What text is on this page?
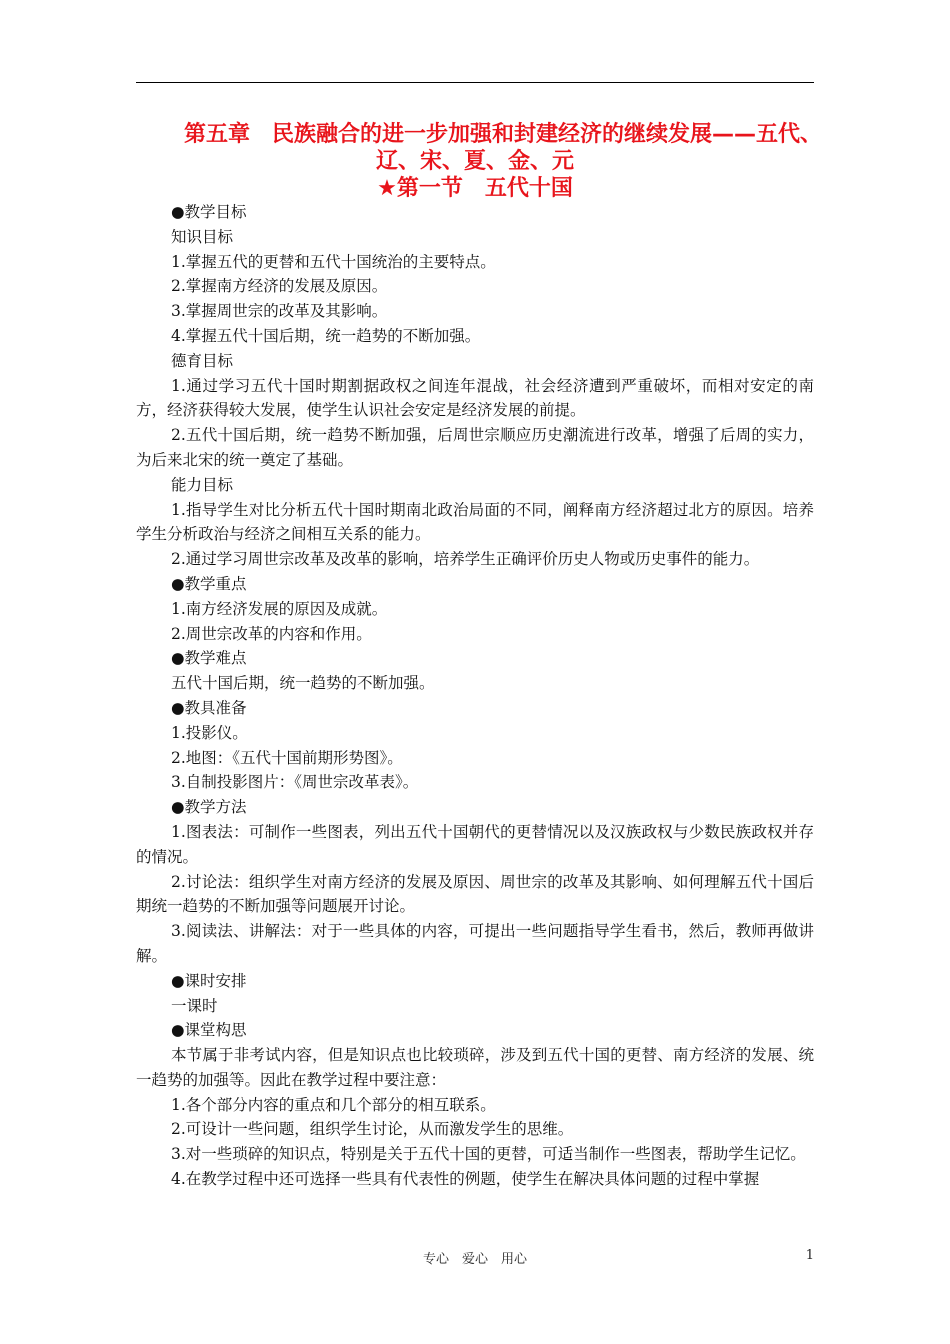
第五章　民族融合的进一步加强和封建经济的继续发展——五代、

辽、宋、夏、金、元

★第一节　五代十国

●教学目标

知识目标

1.掌握五代的更替和五代十国统治的主要特点。

2.掌握南方经济的发展及原因。

3.掌握周世宗的改革及其影响。

4.掌握五代十国后期，统一趋势的不断加强。

德育目标

1.通过学习五代十国时期割据政权之间连年混战，社会经济遭到严重破坏，而相对安定的南方，经济获得较大发展，使学生认识社会安定是经济发展的前提。

2.五代十国后期，统一趋势不断加强，后周世宗顺应历史潮流进行改革，增强了后周的实力，为后来北宋的统一奠定了基础。

能力目标

1.指导学生对比分析五代十国时期南北政治局面的不同，阐释南方经济超过北方的原因。培养学生分析政治与经济之间相互关系的能力。

2.通过学习周世宗改革及改革的影响，培养学生正确评价历史人物或历史事件的能力。

●教学重点

1.南方经济发展的原因及成就。

2.周世宗改革的内容和作用。

●教学难点

五代十国后期，统一趋势的不断加强。

●教具准备

1.投影仪。

2.地图：《五代十国前期形势图》。

3.自制投影图片：《周世宗改革表》。

●教学方法

1.图表法：可制作一些图表，列出五代十国朝代的更替情况以及汉族政权与少数民族政权并存的情况。

2.讨论法：组织学生对南方经济的发展及原因、周世宗的改革及其影响、如何理解五代十国后期统一趋势的不断加强等问题展开讨论。

3.阅读法、讲解法：对于一些具体的内容，可提出一些问题指导学生看书，然后，教师再做讲解。

●课时安排

一课时

●课堂构思

本节属于非考试内容，但是知识点也比较琐碎，涉及到五代十国的更替、南方经济的发展、统一趋势的加强等。因此在教学过程中要注意：

1.各个部分内容的重点和几个部分的相互联系。

2.可设计一些问题，组织学生讨论，从而激发学生的思维。

3.对一些琐碎的知识点，特别是关于五代十国的更替，可适当制作一些图表，帮助学生记忆。

4.在教学过程中还可选择一些具有代表性的例题，使学生在解决具体问题的过程中掌握

专心　爱心　用心	1
